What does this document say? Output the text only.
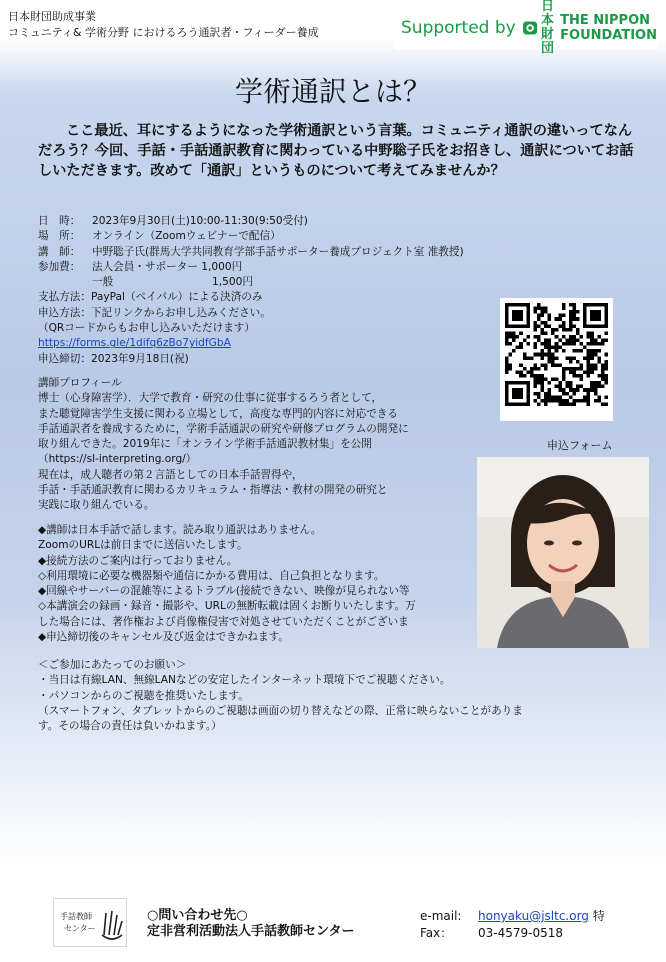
日本財団助成事業
コミュニティ& 学術分野 におけるろう通訳者・フィーダー養成	Supported by
日本財団
THE NIPPON
FOUNDATION
学術通訳とは？
ここ最近、耳にするようになった学術通訳という言葉。コミュニティ通訳の違いってなんだろう？今回、手話・手話通訳教育に関わっている中野聡子氏をお招きし、通訳についてお話しいただきます。改めて「通訳」というものについて考えてみませんか？
日　時： 2023年9月30日(土)10:00-11:30(9:50受付)
場　所： オンライン（Zoomウェビナーで配信）
講　師： 中野聡子氏(群馬大学共同教育学部手話サポーター養成プロジェクト室 准教授)
参加費： 法人会員・サポーター 1,000円
一般	1,500円
支払方法：PayPal（ペイパル）による決済のみ
申込方法：下記リンクからお申し込みください。
（QRコードからもお申し込みいただけます）
https://forms.gle/1difq6zBo7yidfGbA
申込締切：2023年9月18日(祝)
申込フォーム
講師プロフィール
博士（心身障害学）．大学で教育・研究の仕事に従事するろう者として，
また聴覚障害学生支援に関わる立場として，高度な専門的内容に対応できる
手話通訳者を養成するために，学術手話通訳の研究や研修プログラムの開発に
取り組んできた。2019年に「オンライン学術手話通訳教材集」を公開
（https://sl-interpreting.org/）
現在は，成人聴者の第２言語としての日本手話習得や，
手話・手話通訳教育に関わるカリキュラム・指導法・教材の開発の研究と
実践に取り組んでいる。
◆講師は日本手話で話します。読み取り通訳はありません。
ZoomのURLは前日までに送信いたします。
◆接続方法のご案内は行っておりません。
◇利用環境に必要な機器類や通信にかかる費用は、自己負担となります。
◆回線やサーバーの混雑等によるトラブル(接続できない、映像が見られない等
◇本講演会の録画・録音・撮影や、URLの無断転載は固くお断りいたします。万
した場合には、著作権および肖像権侵害で対処させていただくことがございま
◆申込締切後のキャンセル及び返金はできかねます。
＜ご参加にあたってのお願い＞
・当日は有線LAN、無線LANなどの安定したインターネット環境下でご視聴ください。
・パソコンからのご視聴を推奨いたします。
（スマートフォン、タブレットからのご視聴は画面の切り替えなどの際、正常に映らないことがありま
す。その場合の責任は負いかねます。）
手話教師
センター
○問い合わせ先○
定非営利活動法人手話教師センター
e-mail: honyaku@jsltc.org 特
Fax： 03-4579-0518
